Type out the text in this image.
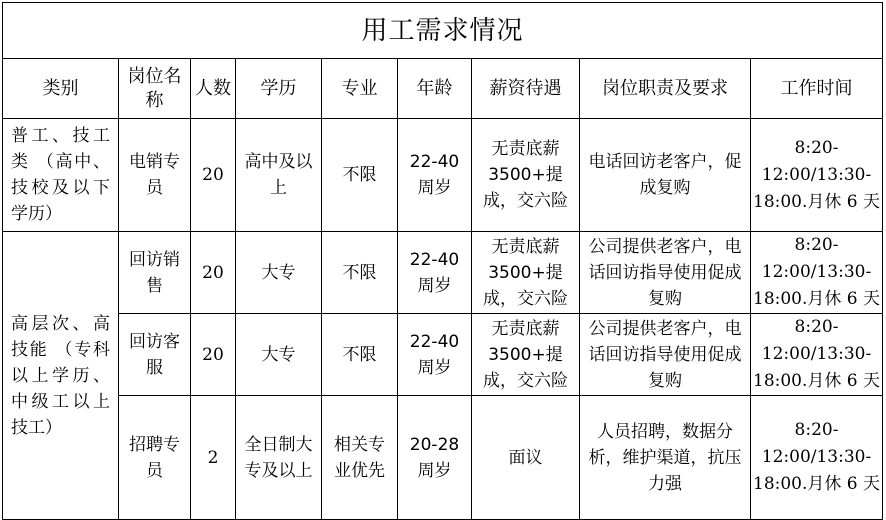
用工需求情况								
类别	岗位名称	人数	学历	专业	年龄	薪资待遇	岗位职责及要求	工作时间
普工、技工类 （高中、技校及以下学历）	电销专员	20	高中及以上	不限	22-40周岁	无责底薪3500+提成，交六险	电话回访老客户，促成复购	8:20-12:00/13:30-18:00.月休 6 天
高层次、高技能 （专科以上学历、中级工以上技工）	回访销售	20	大专	不限	22-40周岁	无责底薪3500+提成，交六险	公司提供老客户，电话回访指导使用促成复购	8:20-12:00/13:30-18:00.月休 6 天
	回访客服	20	大专	不限	22-40周岁	无责底薪3500+提成，交六险	公司提供老客户，电话回访指导使用促成复购	8:20-12:00/13:30-18:00.月休 6 天
	招聘专员	2	全日制大专及以上	相关专业优先	20-28周岁	面议	人员招聘，数据分析，维护渠道，抗压力强	8:20-12:00/13:30-18:00.月休 6 天
